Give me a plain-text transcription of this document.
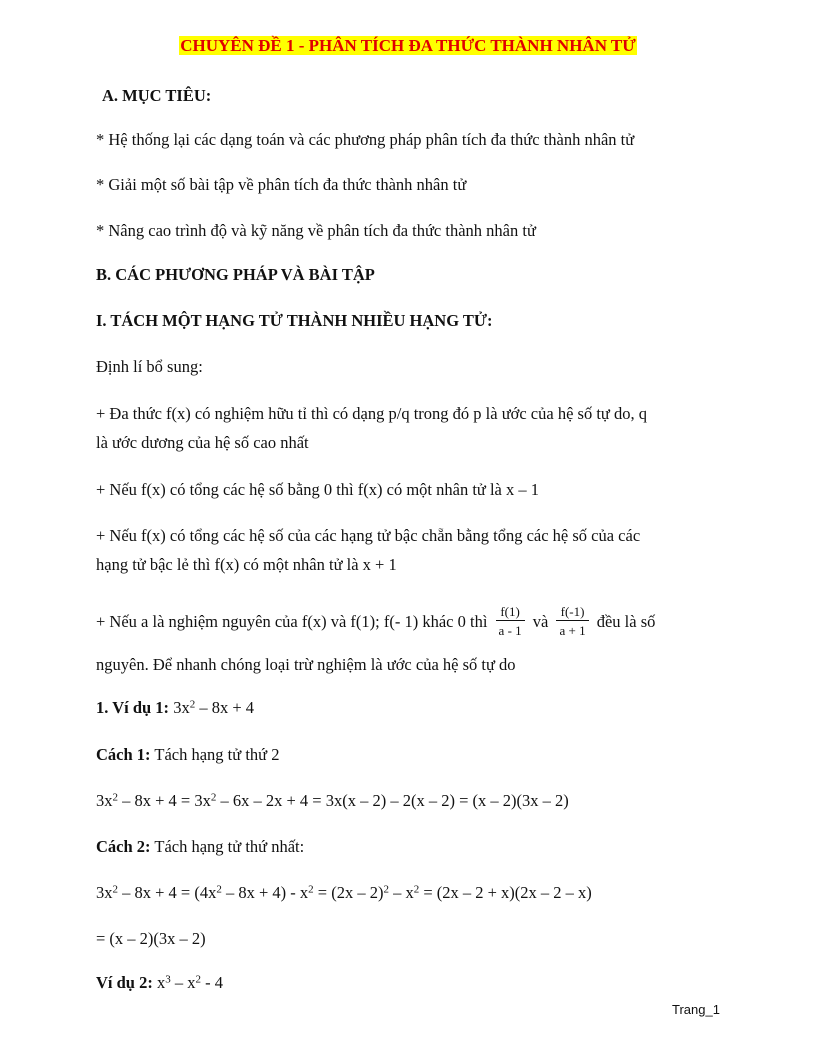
CHUYÊN ĐỀ 1 - PHÂN TÍCH ĐA THỨC THÀNH NHÂN TỬ
A. MỤC TIÊU:
* Hệ thống lại các dạng toán và các phương pháp phân tích đa thức thành nhân tử
* Giải một số bài tập về phân tích đa thức thành nhân tử
* Nâng cao trình độ và kỹ năng về phân tích đa thức thành nhân tử
B. CÁC PHƯƠNG PHÁP VÀ BÀI TẬP
I. TÁCH MỘT HẠNG TỬ THÀNH NHIỀU HẠNG TỬ:
Định lí bổ sung:
+ Đa thức f(x) có nghiệm hữu tỉ thì có dạng p/q trong đó p là ước của hệ số tự do, q
là ước dương của hệ số cao nhất
+ Nếu f(x) có tổng các hệ số bằng 0 thì f(x) có một nhân tử là x – 1
+ Nếu f(x) có tổng các hệ số của các hạng tử bậc chẵn bằng tổng các hệ số của các
hạng tử bậc lẻ thì f(x) có một nhân tử là x + 1
+ Nếu a là nghiệm nguyên của f(x) và f(1); f(- 1) khác 0 thì $\frac{f(1)}{a - 1}$ và $\frac{f(-1)}{a + 1}$ đều là số
nguyên. Để nhanh chóng loại trừ nghiệm là ước của hệ số tự do
1. Ví dụ 1: $3x^2 - 8x + 4$
Cách 1: Tách hạng tử thứ 2
$3x^2 - 8x + 4 = 3x^2 - 6x - 2x + 4 = 3x(x - 2) - 2(x - 2) = (x - 2)(3x - 2)$
Cách 2: Tách hạng tử thứ nhất:
$3x^2 - 8x + 4 = (4x^2 - 8x + 4) - x^2 = (2x - 2)^2 - x^2 = (2x - 2 + x)(2x - 2 - x)$
= (x – 2)(3x – 2)
Ví dụ 2: $x^3 - x^2 - 4$
Trang_1
